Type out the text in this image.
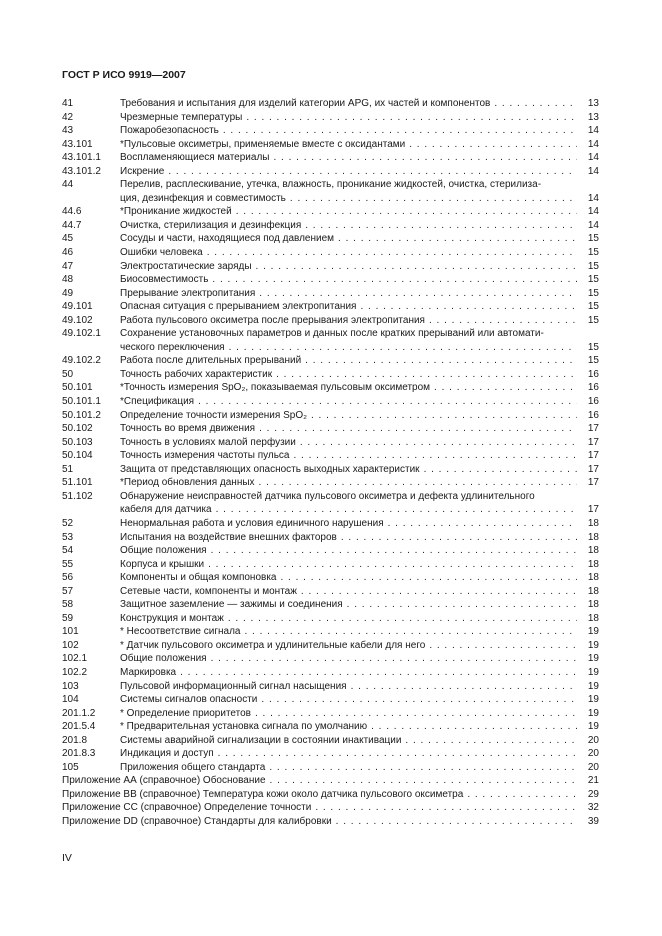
ГОСТ Р ИСО 9919—2007
41	Требования и испытания для изделий категории APG, их частей и компонентов . . .	13
42	Чрезмерные температуры . . .	13
43	Пожаробезопасность . . .	14
43.101	*Пульсовые оксиметры, применяемые вместе с оксидантами . . .	14
43.101.1	Воспламеняющиеся материалы . . .	14
43.101.2	Искрение . . .	14
44	Перелив, расплескивание, утечка, влажность, проникание жидкостей, очистка, стерилиза-
ция, дезинфекция и совместимость . . .	14
44.6	*Проникание жидкостей . . .	14
44.7	Очистка, стерилизация и дезинфекция . . .	14
45	Сосуды и части, находящиеся под давлением . . .	15
46	Ошибки человека . . .	15
47	Электростатические заряды . . .	15
48	Биосовместимость . . .	15
49	Прерывание электропитания . . .	15
49.101	Опасная ситуация с прерыванием электропитания . . .	15
49.102	Работа пульсового оксиметра после прерывания электропитания . . .	15
49.102.1	Сохранение установочных параметров и данных после кратких прерываний или автомати-
ческого переключения . . .	15
49.102.2	Работа после длительных прерываний . . .	15
50	Точность рабочих характеристик . . .	16
50.101	*Точность измерения SpO₂, показываемая пульсовым оксиметром . . .	16
50.101.1	*Спецификация . . .	16
50.101.2	Определение точности измерения SpO₂ . . .	16
50.102	Точность во время движения . . .	17
50.103	Точность в условиях малой перфузии . . .	17
50.104	Точность измерения частоты пульса . . .	17
51	Защита от представляющих опасность выходных характеристик . . .	17
51.101	*Период обновления данных . . .	17
51.102	Обнаружение неисправностей датчика пульсового оксиметра и дефекта удлинительного
кабеля для датчика . . .	17
52	Ненормальная работа и условия единичного нарушения . . .	18
53	Испытания на воздействие внешних факторов . . .	18
54	Общие положения . . .	18
55	Корпуса и крышки . . .	18
56	Компоненты и общая компоновка . . .	18
57	Сетевые части, компоненты и монтаж . . .	18
58	Защитное заземление — зажимы и соединения . . .	18
59	Конструкция и монтаж . . .	18
101	* Несоответствие сигнала . . .	19
102	* Датчик пульсового оксиметра и удлинительные кабели для него . . .	19
102.1	Общие положения . . .	19
102.2	Маркировка . . .	19
103	Пульсовой информационный сигнал насыщения . . .	19
104	Системы сигналов опасности . . .	19
201.1.2	* Определение приоритетов . . .	19
201.5.4	* Предварительная установка сигнала по умолчанию . . .	19
201.8	Системы аварийной сигнализации в состоянии инактивации . . .	20
201.8.3	Индикация и доступ . . .	20
105	Приложения общего стандарта . . .	20
Приложение АА (справочное) Обоснование . . .	21
Приложение ВВ (справочное) Температура кожи около датчика пульсового оксиметра . . .	29
Приложение СС (справочное) Определение точности . . .	32
Приложение DD (справочное) Стандарты для калибровки . . .	39
IV
